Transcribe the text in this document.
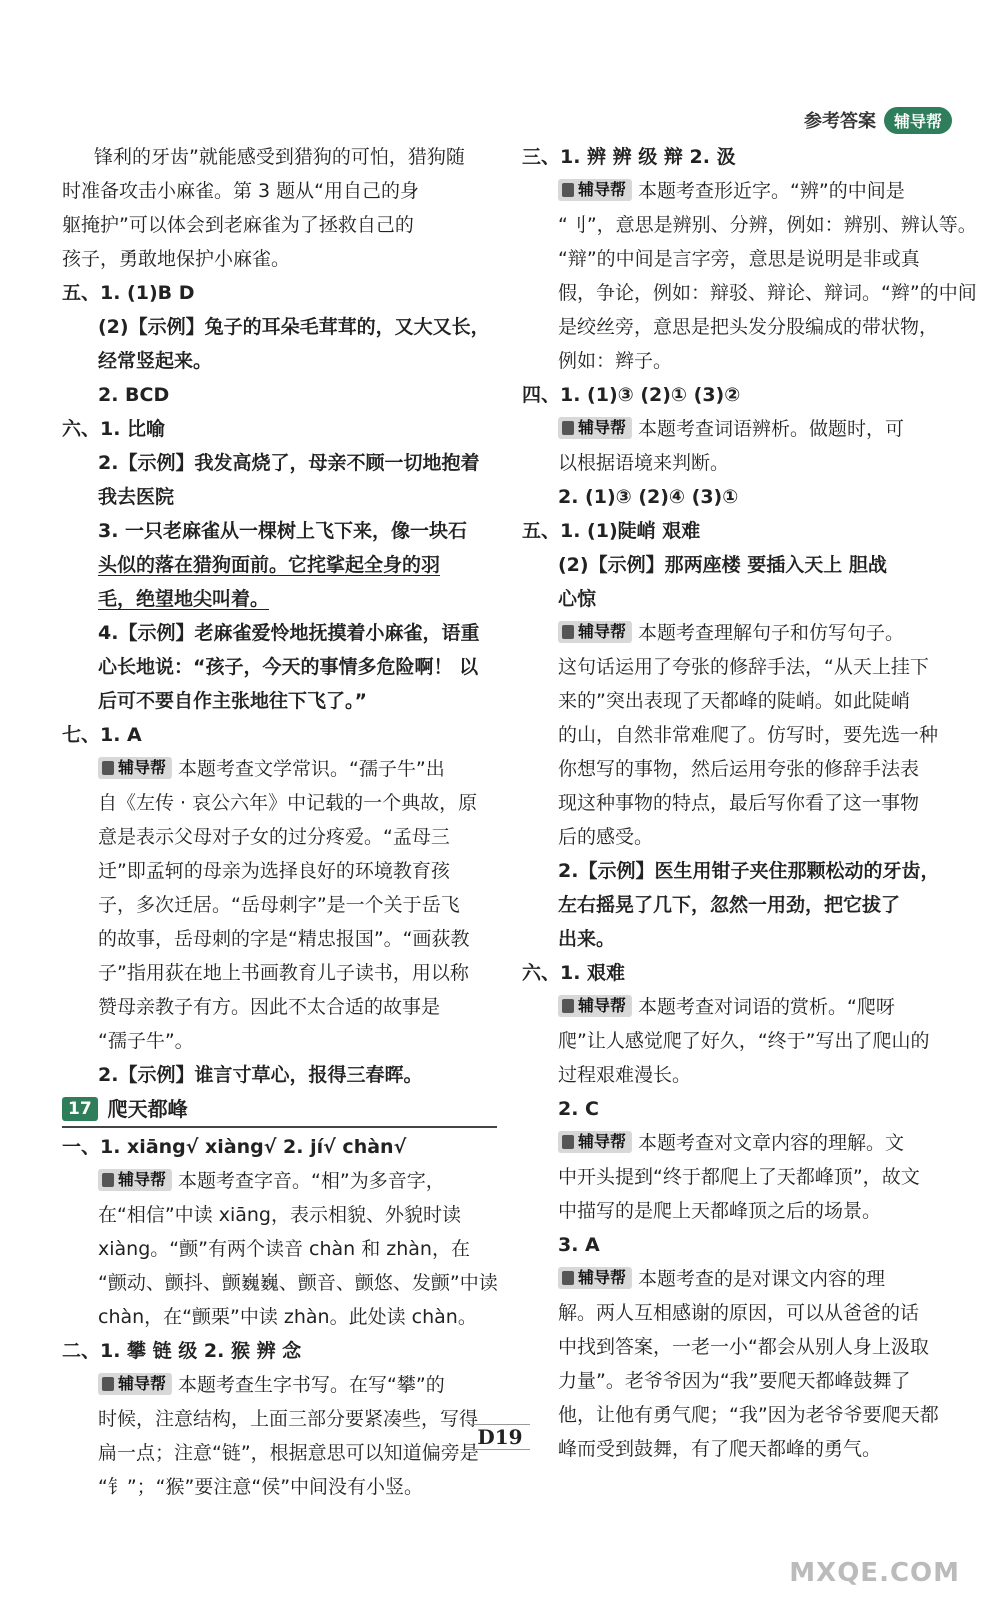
参考答案	辅导帮
锋利的牙齿”就能感受到猎狗的可怕，猎狗随
时准备攻击小麻雀。第 3 题从“用自己的身
躯掩护”可以体会到老麻雀为了拯救自己的
孩子，勇敢地保护小麻雀。
五、1. (1)B D
(2)【示例】兔子的耳朵毛茸茸的，又大又长，
经常竖起来。
2. BCD
六、1. 比喻
2.【示例】我发高烧了，母亲不顾一切地抱着
我去医院
3. 一只老麻雀从一棵树上飞下来，像一块石
头似的落在猎狗面前。它挓挲起全身的羽
毛，绝望地尖叫着。
4.【示例】老麻雀爱怜地抚摸着小麻雀，语重
心长地说：“孩子，今天的事情多危险啊！ 以
后可不要自作主张地往下飞了。”
七、1. A
辅导帮 本题考查文学常识。“孺子牛”出
自《左传 · 哀公六年》中记载的一个典故，原
意是表示父母对子女的过分疼爱。“孟母三
迁”即孟轲的母亲为选择良好的环境教育孩
子，多次迁居。“岳母刺字”是一个关于岳飞
的故事，岳母刺的字是“精忠报国”。“画荻教
子”指用荻在地上书画教育儿子读书，用以称
赞母亲教子有方。因此不太合适的故事是
“孺子牛”。
2.【示例】谁言寸草心，报得三春晖。
17 爬天都峰
一、1. xiāng√ xiàng√ 2. jí√ chàn√
辅导帮 本题考查字音。“相”为多音字，
在“相信”中读 xiāng，表示相貌、外貌时读
xiàng。“颤”有两个读音 chàn 和 zhàn，在
“颤动、颤抖、颤巍巍、颤音、颤悠、发颤”中读
chàn，在“颤栗”中读 zhàn。此处读 chàn。
二、1. 攀 链 级 2. 猴 辨 念
辅导帮 本题考查生字书写。在写“攀”的
时候，注意结构，上面三部分要紧凑些，写得
扁一点；注意“链”，根据意思可以知道偏旁是
“钅”；“猴”要注意“侯”中间没有小竖。
三、1. 辨 辨 级 辩 2. 汲
辅导帮 本题考查形近字。“辨”的中间是
“刂”，意思是辨别、分辨，例如：辨别、辨认等。
“辩”的中间是言字旁，意思是说明是非或真
假，争论，例如：辩驳、辩论、辩词。“辫”的中间
是绞丝旁，意思是把头发分股编成的带状物，
例如：辫子。
四、1. (1)③ (2)① (3)②
辅导帮 本题考查词语辨析。做题时，可
以根据语境来判断。
2. (1)③ (2)④ (3)①
五、1. (1)陡峭 艰难
(2)【示例】那两座楼 要插入天上 胆战
心惊
辅导帮 本题考查理解句子和仿写句子。
这句话运用了夸张的修辞手法，“从天上挂下
来的”突出表现了天都峰的陡峭。如此陡峭
的山，自然非常难爬了。仿写时，要先选一种
你想写的事物，然后运用夸张的修辞手法表
现这种事物的特点，最后写你看了这一事物
后的感受。
2.【示例】医生用钳子夹住那颗松动的牙齿，
左右摇晃了几下，忽然一用劲，把它拔了
出来。
六、1. 艰难
辅导帮 本题考查对词语的赏析。“爬呀
爬”让人感觉爬了好久，“终于”写出了爬山的
过程艰难漫长。
2. C
辅导帮 本题考查对文章内容的理解。文
中开头提到“终于都爬上了天都峰顶”，故文
中描写的是爬上天都峰顶之后的场景。
3. A
辅导帮 本题考查的是对课文内容的理
解。两人互相感谢的原因，可以从爸爸的话
中找到答案，一老一小“都会从别人身上汲取
力量”。老爷爷因为“我”要爬天都峰鼓舞了
他，让他有勇气爬；“我”因为老爷爷要爬天都
峰而受到鼓舞，有了爬天都峰的勇气。
D19
MXQE.COM
